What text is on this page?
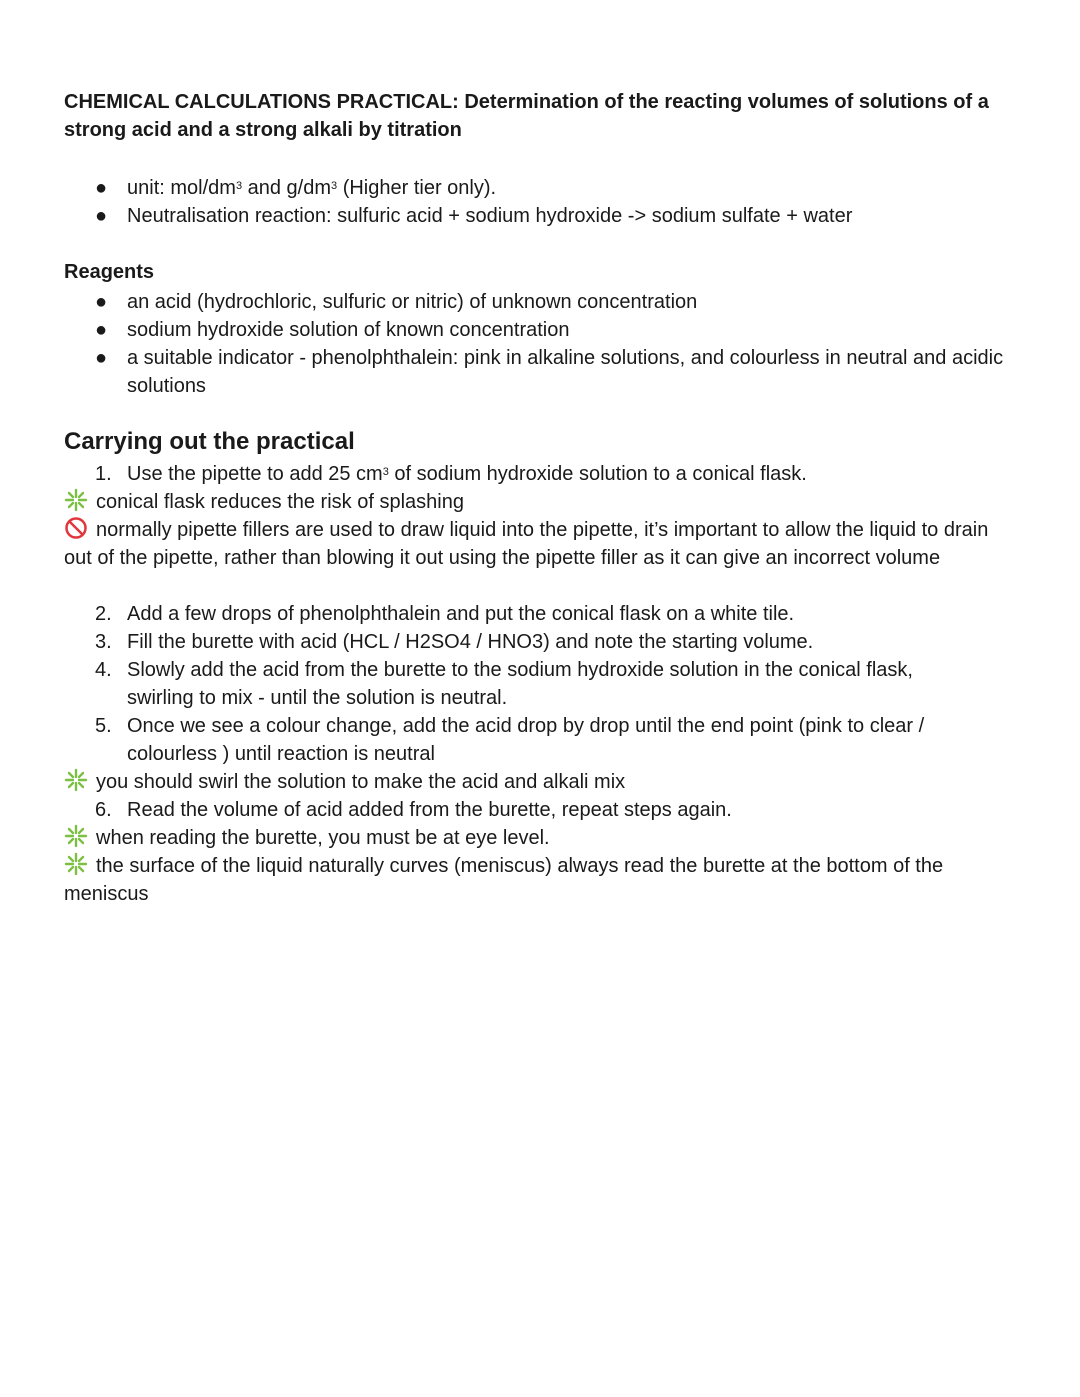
CHEMICAL CALCULATIONS PRACTICAL: Determination of the reacting volumes of solutions of a strong acid and a strong alkali by titration
● unit: mol/$dm^3$ and $g/dm^3$ (Higher tier only).
● Neutralisation reaction: sulfuric acid + sodium hydroxide -> sodium sulfate + water
Reagents
● an acid (hydrochloric, sulfuric or nitric) of unknown concentration
● sodium hydroxide solution of known concentration
● a suitable indicator - phenolphthalein: pink in alkaline solutions, and colourless in neutral and acidic solutions
Carrying out the practical
1. Use the pipette to add 25 $cm^3$ of sodium hydroxide solution to a conical flask.
conical flask reduces the risk of splashing
normally pipette fillers are used to draw liquid into the pipette, it’s important to allow the liquid to drain out of the pipette, rather than blowing it out using the pipette filler as it can give an incorrect volume
2. Add a few drops of phenolphthalein and put the conical flask on a white tile.
3. Fill the burette with acid (HCL / H2SO4 / HNO3) and note the starting volume.
4. Slowly add the acid from the burette to the sodium hydroxide solution in the conical flask, swirling to mix - until the solution is neutral.
5. Once we see a colour change, add the acid drop by drop until the end point (pink to clear / colourless ) until reaction is neutral
you should swirl the solution to make the acid and alkali mix
6. Read the volume of acid added from the burette, repeat steps again.
when reading the burette, you must be at eye level.
the surface of the liquid naturally curves (meniscus) always read the burette at the bottom of the meniscus
